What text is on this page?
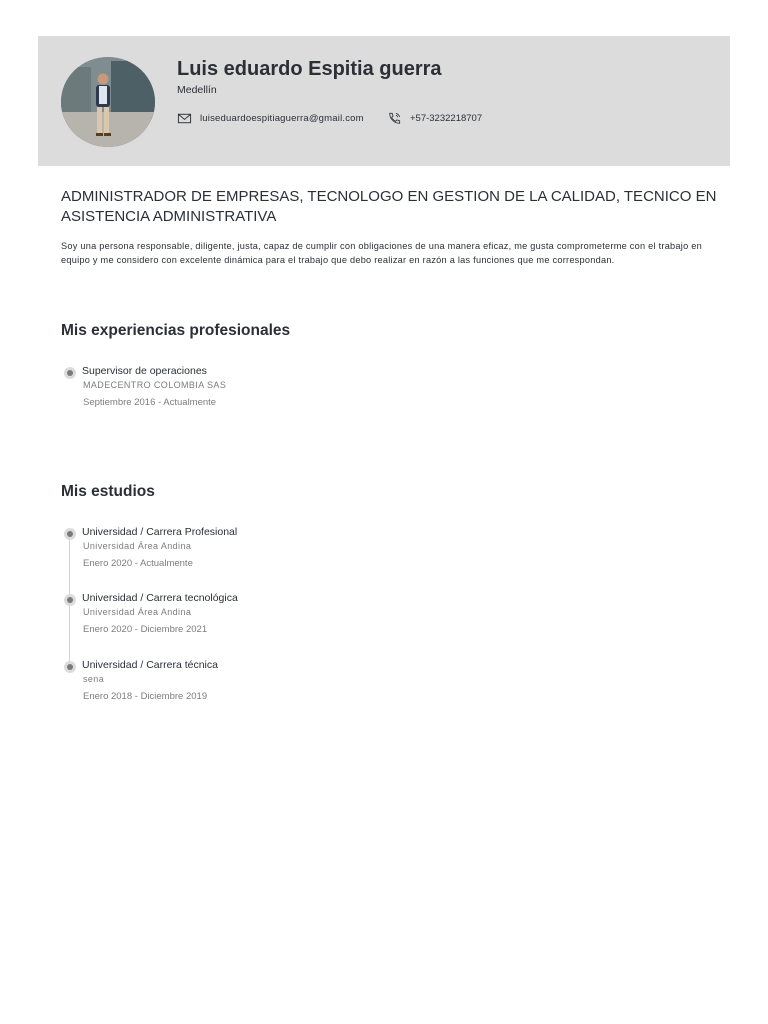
Luis eduardo Espitia guerra
Medellín
luiseduardoespitiaguerra@gmail.com	+57-3232218707
ADMINISTRADOR DE EMPRESAS, TECNOLOGO EN GESTION DE LA CALIDAD, TECNICO EN ASISTENCIA ADMINISTRATIVA

Soy una persona responsable, diligente, justa, capaz de cumplir con obligaciones de una manera eficaz, me gusta comprometerme con el trabajo en equipo y me considero con excelente dinámica para el trabajo que debo realizar en razón a las funciones que me correspondan.

Mis experiencias profesionales
Supervisor de operaciones
MADECENTRO COLOMBIA SAS
Septiembre 2016 - Actualmente
Mis estudios
Universidad / Carrera Profesional
Universidad Área Andina
Enero 2020 - Actualmente
Universidad / Carrera tecnológica
Universidad Área Andina
Enero 2020 - Diciembre 2021
Universidad / Carrera técnica
sena
Enero 2018 - Diciembre 2019
